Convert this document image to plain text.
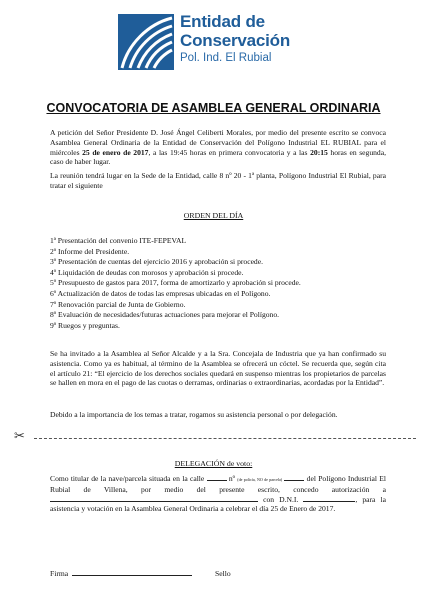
Entidad de
Conservación
Pol. Ind. El Rubial
CONVOCATORIA DE ASAMBLEA GENERAL ORDINARIA

A petición del Señor Presidente D. José Ángel Celiberti Morales, por medio del presente escrito se convoca Asamblea General Ordinaria de la Entidad de Conservación del Polígono Industrial EL RUBIAL para el miércoles 25 de enero de 2017, a las 19:45 horas en primera convocatoria y a las 20:15 horas en segunda, caso de haber lugar.

La reunión tendrá lugar en la Sede de la Entidad, calle 8 nº 20 - 1ª planta, Polígono Industrial El Rubial, para tratar el siguiente

ORDEN DEL DÍA
1ª Presentación del convenio ITE-FEPEVAL
2º Informe del Presidente.
3º Presentación de cuentas del ejercicio 2016 y aprobación si procede.
4º Liquidación de deudas con morosos y aprobación si procede.
5º Presupuesto de gastos para 2017, forma de amortizarlo y aprobación si procede.
6º Actualización de datos de todas las empresas ubicadas en el Polígono.
7º Renovación parcial de Junta de Gobierno.
8º Evaluación de necesidades/futuras actuaciones para mejorar el Polígono.
9º Ruegos y preguntas.

Se ha invitado a la Asamblea al Señor Alcalde y a la Sra. Concejala de Industria que ya han confirmado su asistencia. Como ya es habitual, al término de la Asamblea se ofrecerá un cóctel. Se recuerda que, según cita el artículo 21: “El ejercicio de los derechos sociales quedará en suspenso mientras los propietarios de parcelas se hallen en mora en el pago de las cuotas o derramas, ordinarias o extraordinarias, acordadas por la Entidad”.

Debido a la importancia de los temas a tratar, rogamos su asistencia personal o por delegación.

✂
DELEGACIÓN de voto:

Como titular de la nave/parcela situada en la calle	nº (de policía, NO de parcela)	del Polígono Industrial El Rubial de Villena, por medio del presente escrito, concedo autorización a  con D.N.I.	, para la asistencia y votación en la Asamblea General Ordinaria a celebrar el día 25 de Enero de 2017.

Firma	Sello
